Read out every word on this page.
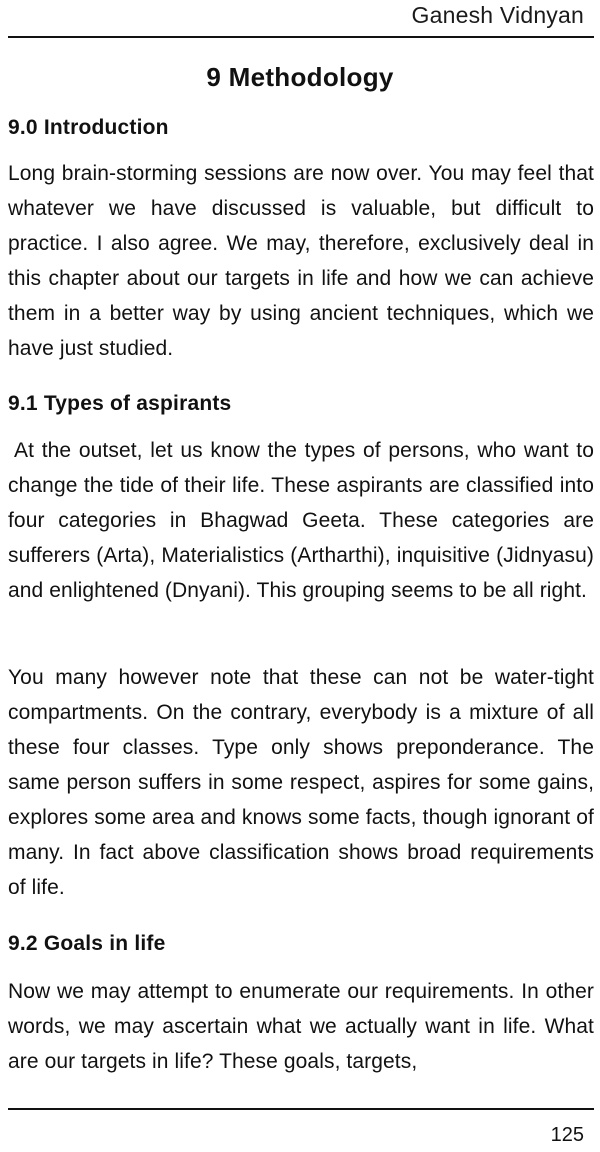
Ganesh Vidnyan
9 Methodology
9.0 Introduction

Long brain-storming sessions are now over. You may feel that whatever we have discussed is valuable, but difficult to practice. I also agree. We may, therefore, exclusively deal in this chapter about our targets in life and how we can achieve them in a better way by using ancient techniques, which we have just studied.

9.1 Types of aspirants

At the outset, let us know the types of persons, who want to change the tide of their life. These aspirants are classified into four categories in Bhagwad Geeta. These categories are sufferers (Arta), Materialistics (Artharthi), inquisitive (Jidnyasu) and enlightened (Dnyani). This grouping seems to be all right.

You many however note that these can not be water-tight compartments. On the contrary, everybody is a mixture of all these four classes. Type only shows preponderance. The same person suffers in some respect, aspires for some gains, explores some area and knows some facts, though ignorant of many. In fact above classification shows broad requirements of life.

9.2 Goals in life

Now we may attempt to enumerate our requirements. In other words, we may ascertain what we actually want in life. What are our targets in life? These goals, targets,

125
